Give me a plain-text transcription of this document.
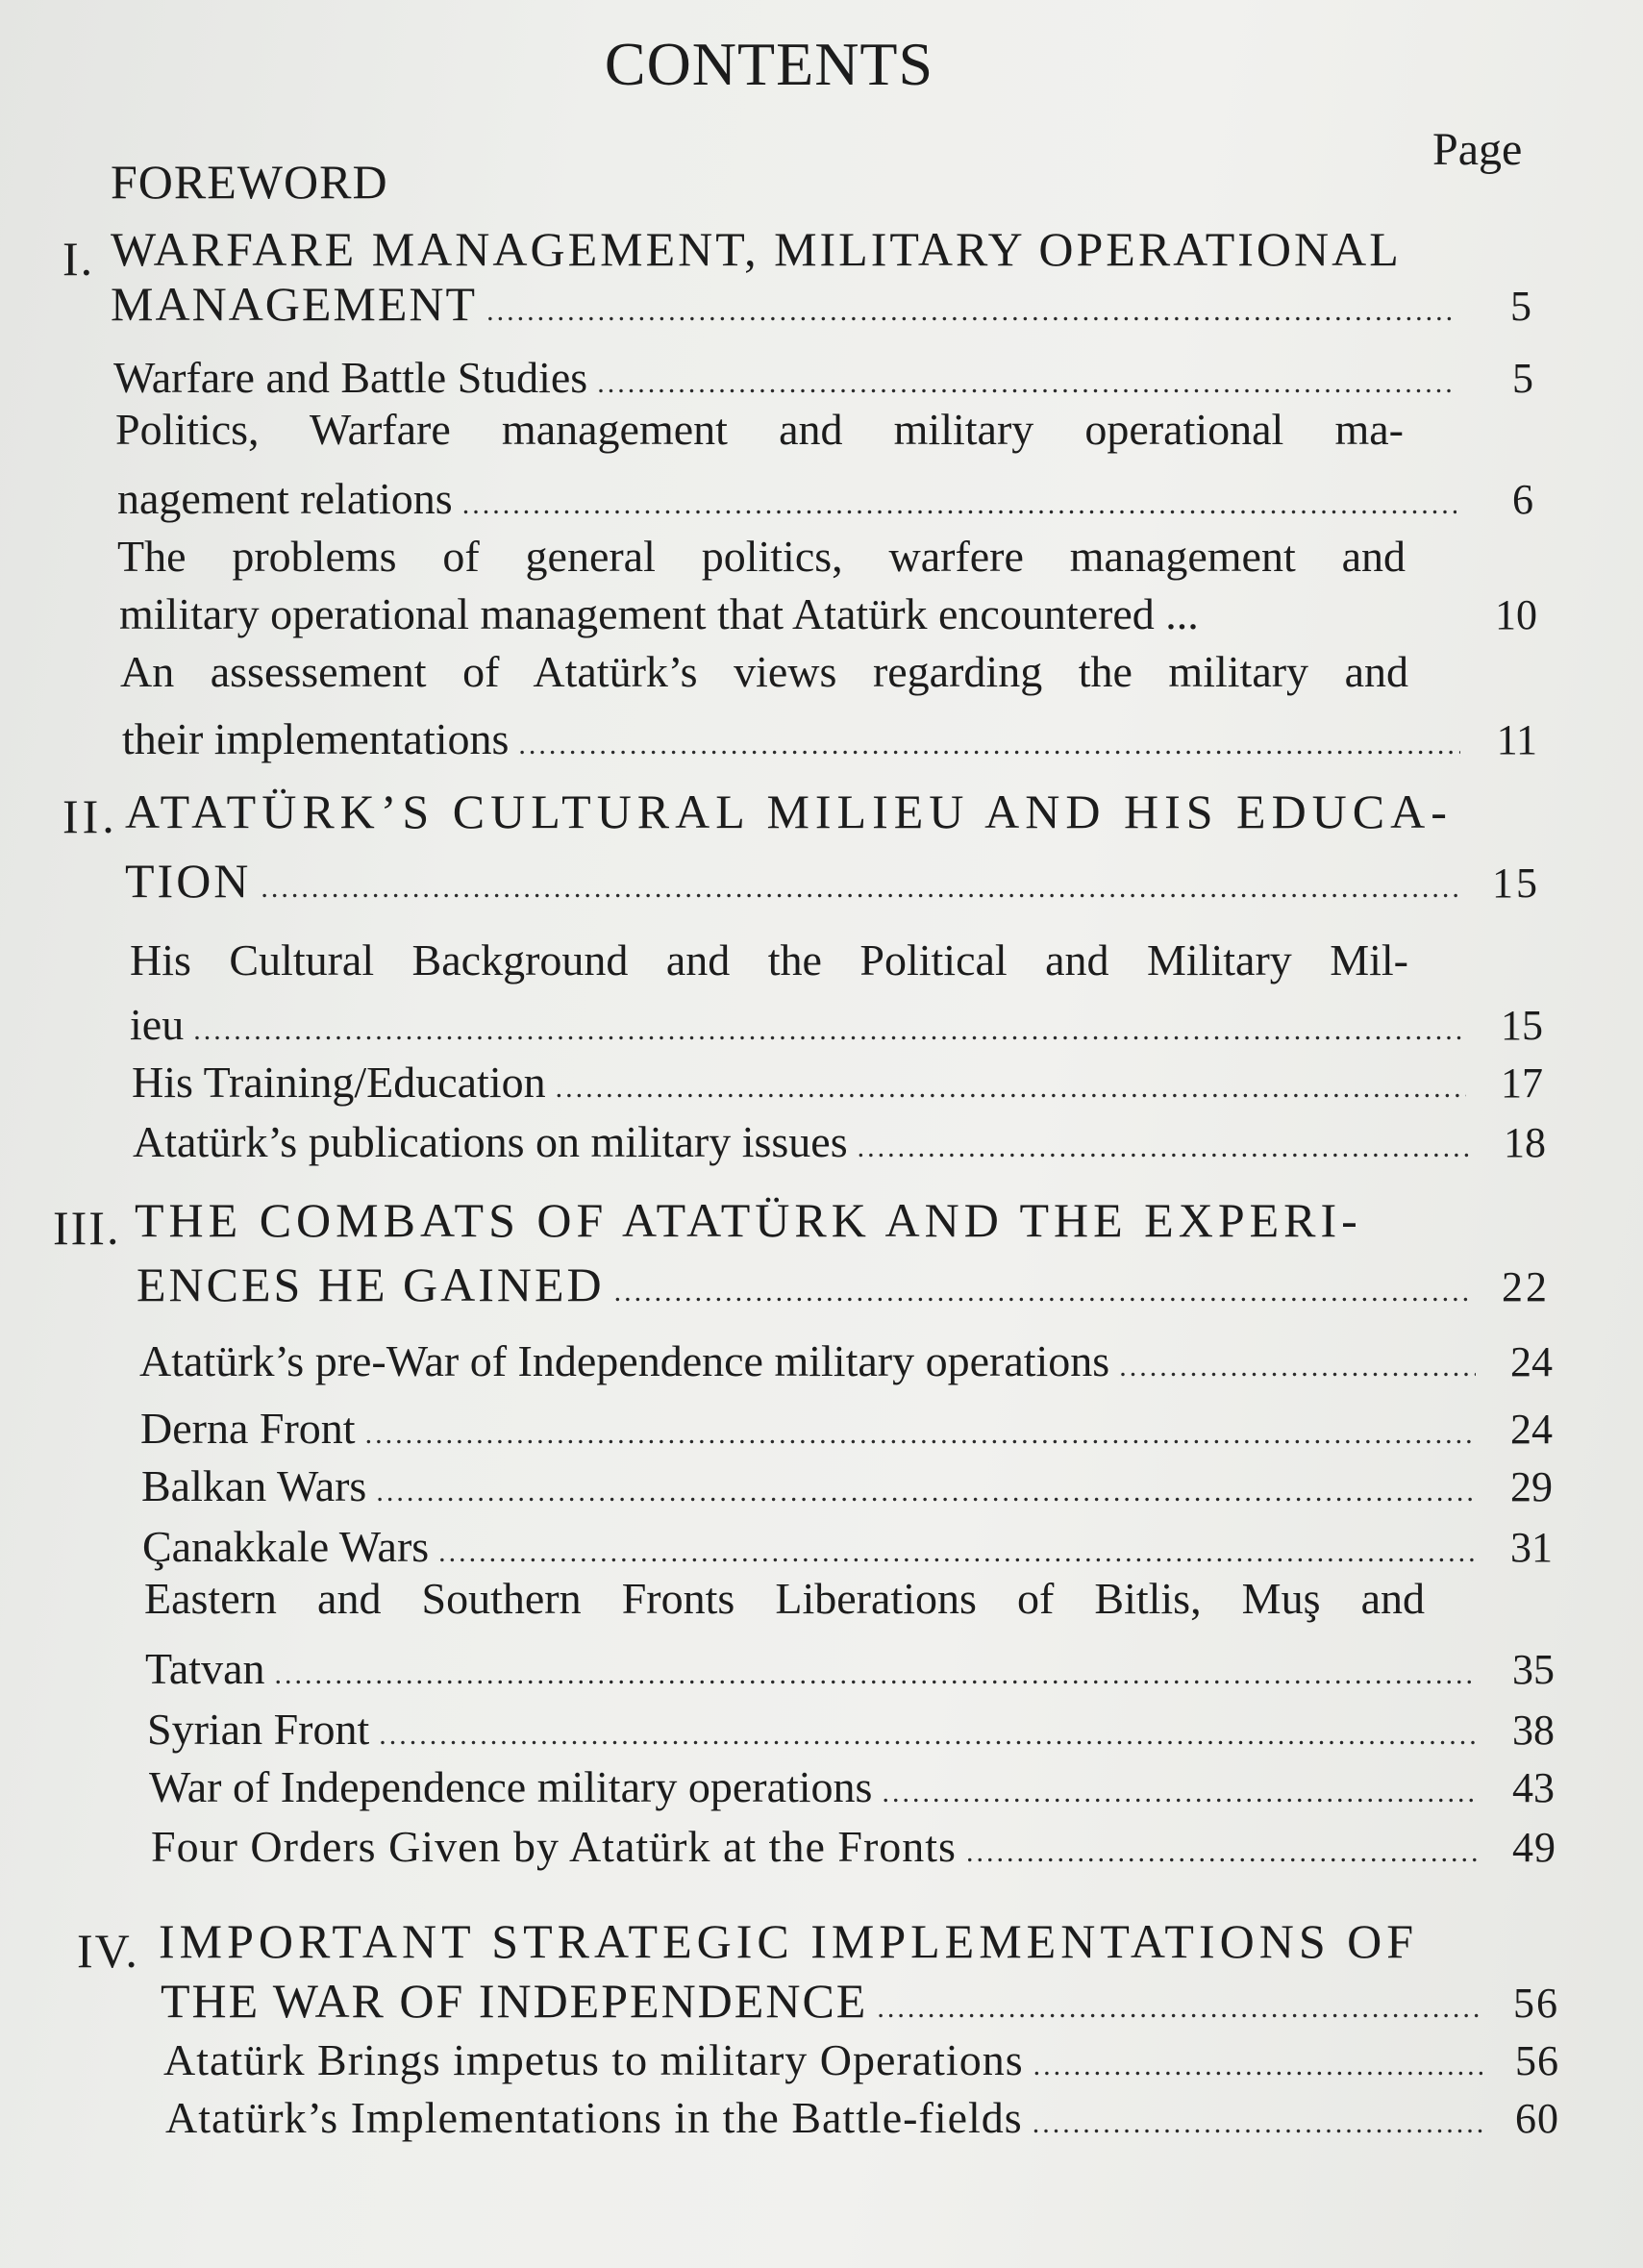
CONTENTS
Page
FOREWORD
I. WARFARE MANAGEMENT, MILITARY OPERATIONAL
MANAGEMENT .....	5
Warfare and Battle Studies .....	5
Politics, Warfare management and military operational ma-
nagement relations .....	6
The problems of general politics, warfere management and
military operational management that Atatürk encountered ...	10
An assessement of Atatürk’s views regarding the military and
their implementations .....	11
II. ATATÜRK’S CULTURAL MILIEU AND HIS EDUCA-
TION .....	15
His Cultural Background and the Political and Military Mil-
ieu .....	15
His Training/Education .....	17
Atatürk’s publications on military issues .....	18
III. THE COMBATS OF ATATÜRK AND THE EXPERI-
ENCES HE GAINED .....	22
Atatürk’s pre-War of Independence military operations .....	24
Derna Front .....	24
Balkan Wars .....	29
Çanakkale Wars .....	31
Eastern and Southern Fronts Liberations of Bitlis, Muş and
Tatvan .....	35
Syrian Front .....	38
War of Independence military operations .....	43
Four Orders Given by Atatürk at the Fronts .....	49
IV. IMPORTANT STRATEGIC IMPLEMENTATIONS OF
THE WAR OF INDEPENDENCE .....	56
Atatürk Brings impetus to military Operations .....	56
Atatürk’s Implementations in the Battle-fields .....	60
